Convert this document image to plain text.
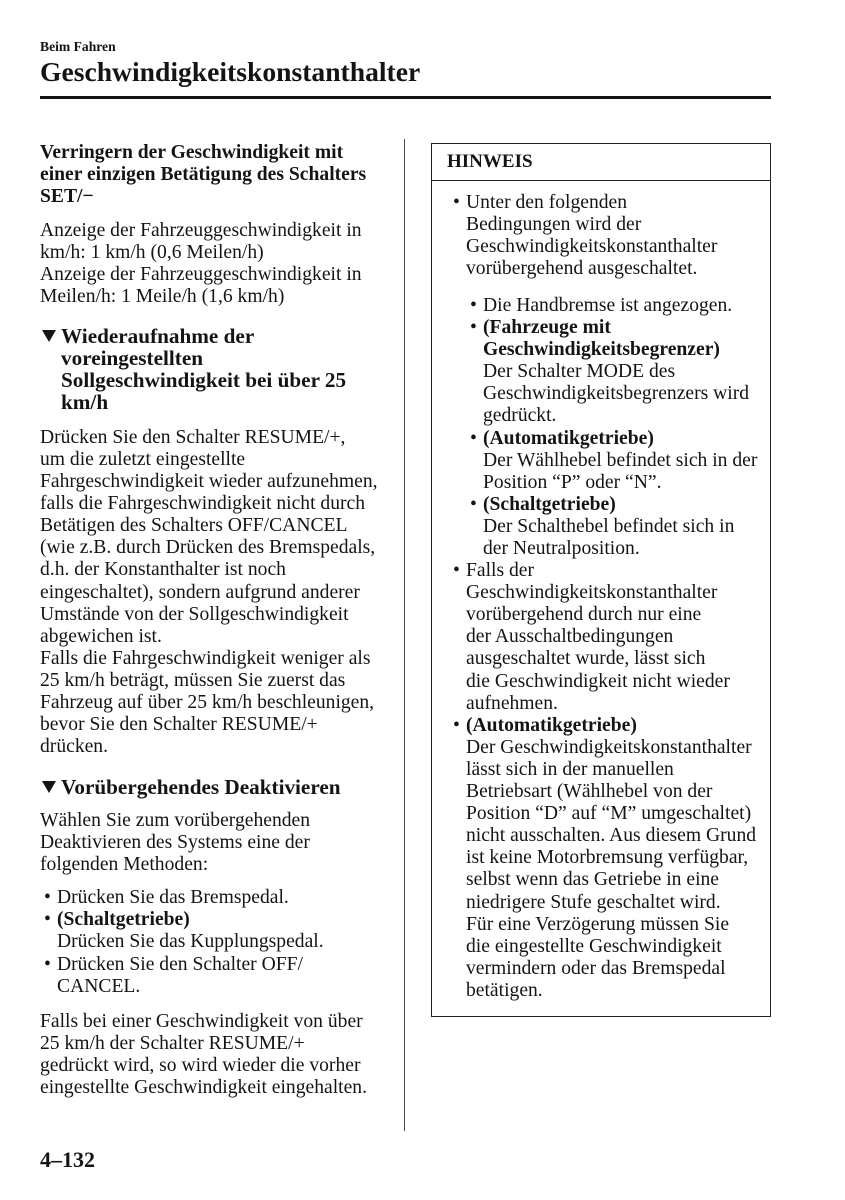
Beim Fahren
Geschwindigkeitskonstanthalter
Verringern der Geschwindigkeit mit
einer einzigen Betätigung des Schalters
SET/−
Anzeige der Fahrzeuggeschwindigkeit in
km/h: 1 km/h (0,6 Meilen/h)
Anzeige der Fahrzeuggeschwindigkeit in
Meilen/h: 1 Meile/h (1,6 km/h)
Wiederaufnahme der
voreingestellten
Sollgeschwindigkeit bei über 25
km/h
Drücken Sie den Schalter RESUME/+,
um die zuletzt eingestellte
Fahrgeschwindigkeit wieder aufzunehmen,
falls die Fahrgeschwindigkeit nicht durch
Betätigen des Schalters OFF/CANCEL
(wie z.B. durch Drücken des Bremspedals,
d.h. der Konstanthalter ist noch
eingeschaltet), sondern aufgrund anderer
Umstände von der Sollgeschwindigkeit
abgewichen ist.
Falls die Fahrgeschwindigkeit weniger als
25 km/h beträgt, müssen Sie zuerst das
Fahrzeug auf über 25 km/h beschleunigen,
bevor Sie den Schalter RESUME/+
drücken.
Vorübergehendes Deaktivieren
Wählen Sie zum vorübergehenden
Deaktivieren des Systems eine der
folgenden Methoden:
• Drücken Sie das Bremspedal.
• (Schaltgetriebe)
Drücken Sie das Kupplungspedal.
• Drücken Sie den Schalter OFF/
CANCEL.
Falls bei einer Geschwindigkeit von über
25 km/h der Schalter RESUME/+
gedrückt wird, so wird wieder die vorher
eingestellte Geschwindigkeit eingehalten.
HINWEIS
• Unter den folgenden
Bedingungen wird der
Geschwindigkeitskonstanthalter
vorübergehend ausgeschaltet.
• Die Handbremse ist angezogen.
• (Fahrzeuge mit
Geschwindigkeitsbegrenzer)
Der Schalter MODE des
Geschwindigkeitsbegrenzers wird
gedrückt.
• (Automatikgetriebe)
Der Wählhebel befindet sich in der
Position “P” oder “N”.
• (Schaltgetriebe)
Der Schalthebel befindet sich in
der Neutralposition.
• Falls der
Geschwindigkeitskonstanthalter
vorübergehend durch nur eine
der Ausschaltbedingungen
ausgeschaltet wurde, lässt sich
die Geschwindigkeit nicht wieder
aufnehmen.
• (Automatikgetriebe)
Der Geschwindigkeitskonstanthalter
lässt sich in der manuellen
Betriebsart (Wählhebel von der
Position “D” auf “M” umgeschaltet)
nicht ausschalten. Aus diesem Grund
ist keine Motorbremsung verfügbar,
selbst wenn das Getriebe in eine
niedrigere Stufe geschaltet wird.
Für eine Verzögerung müssen Sie
die eingestellte Geschwindigkeit
vermindern oder das Bremspedal
betätigen.
4–132
